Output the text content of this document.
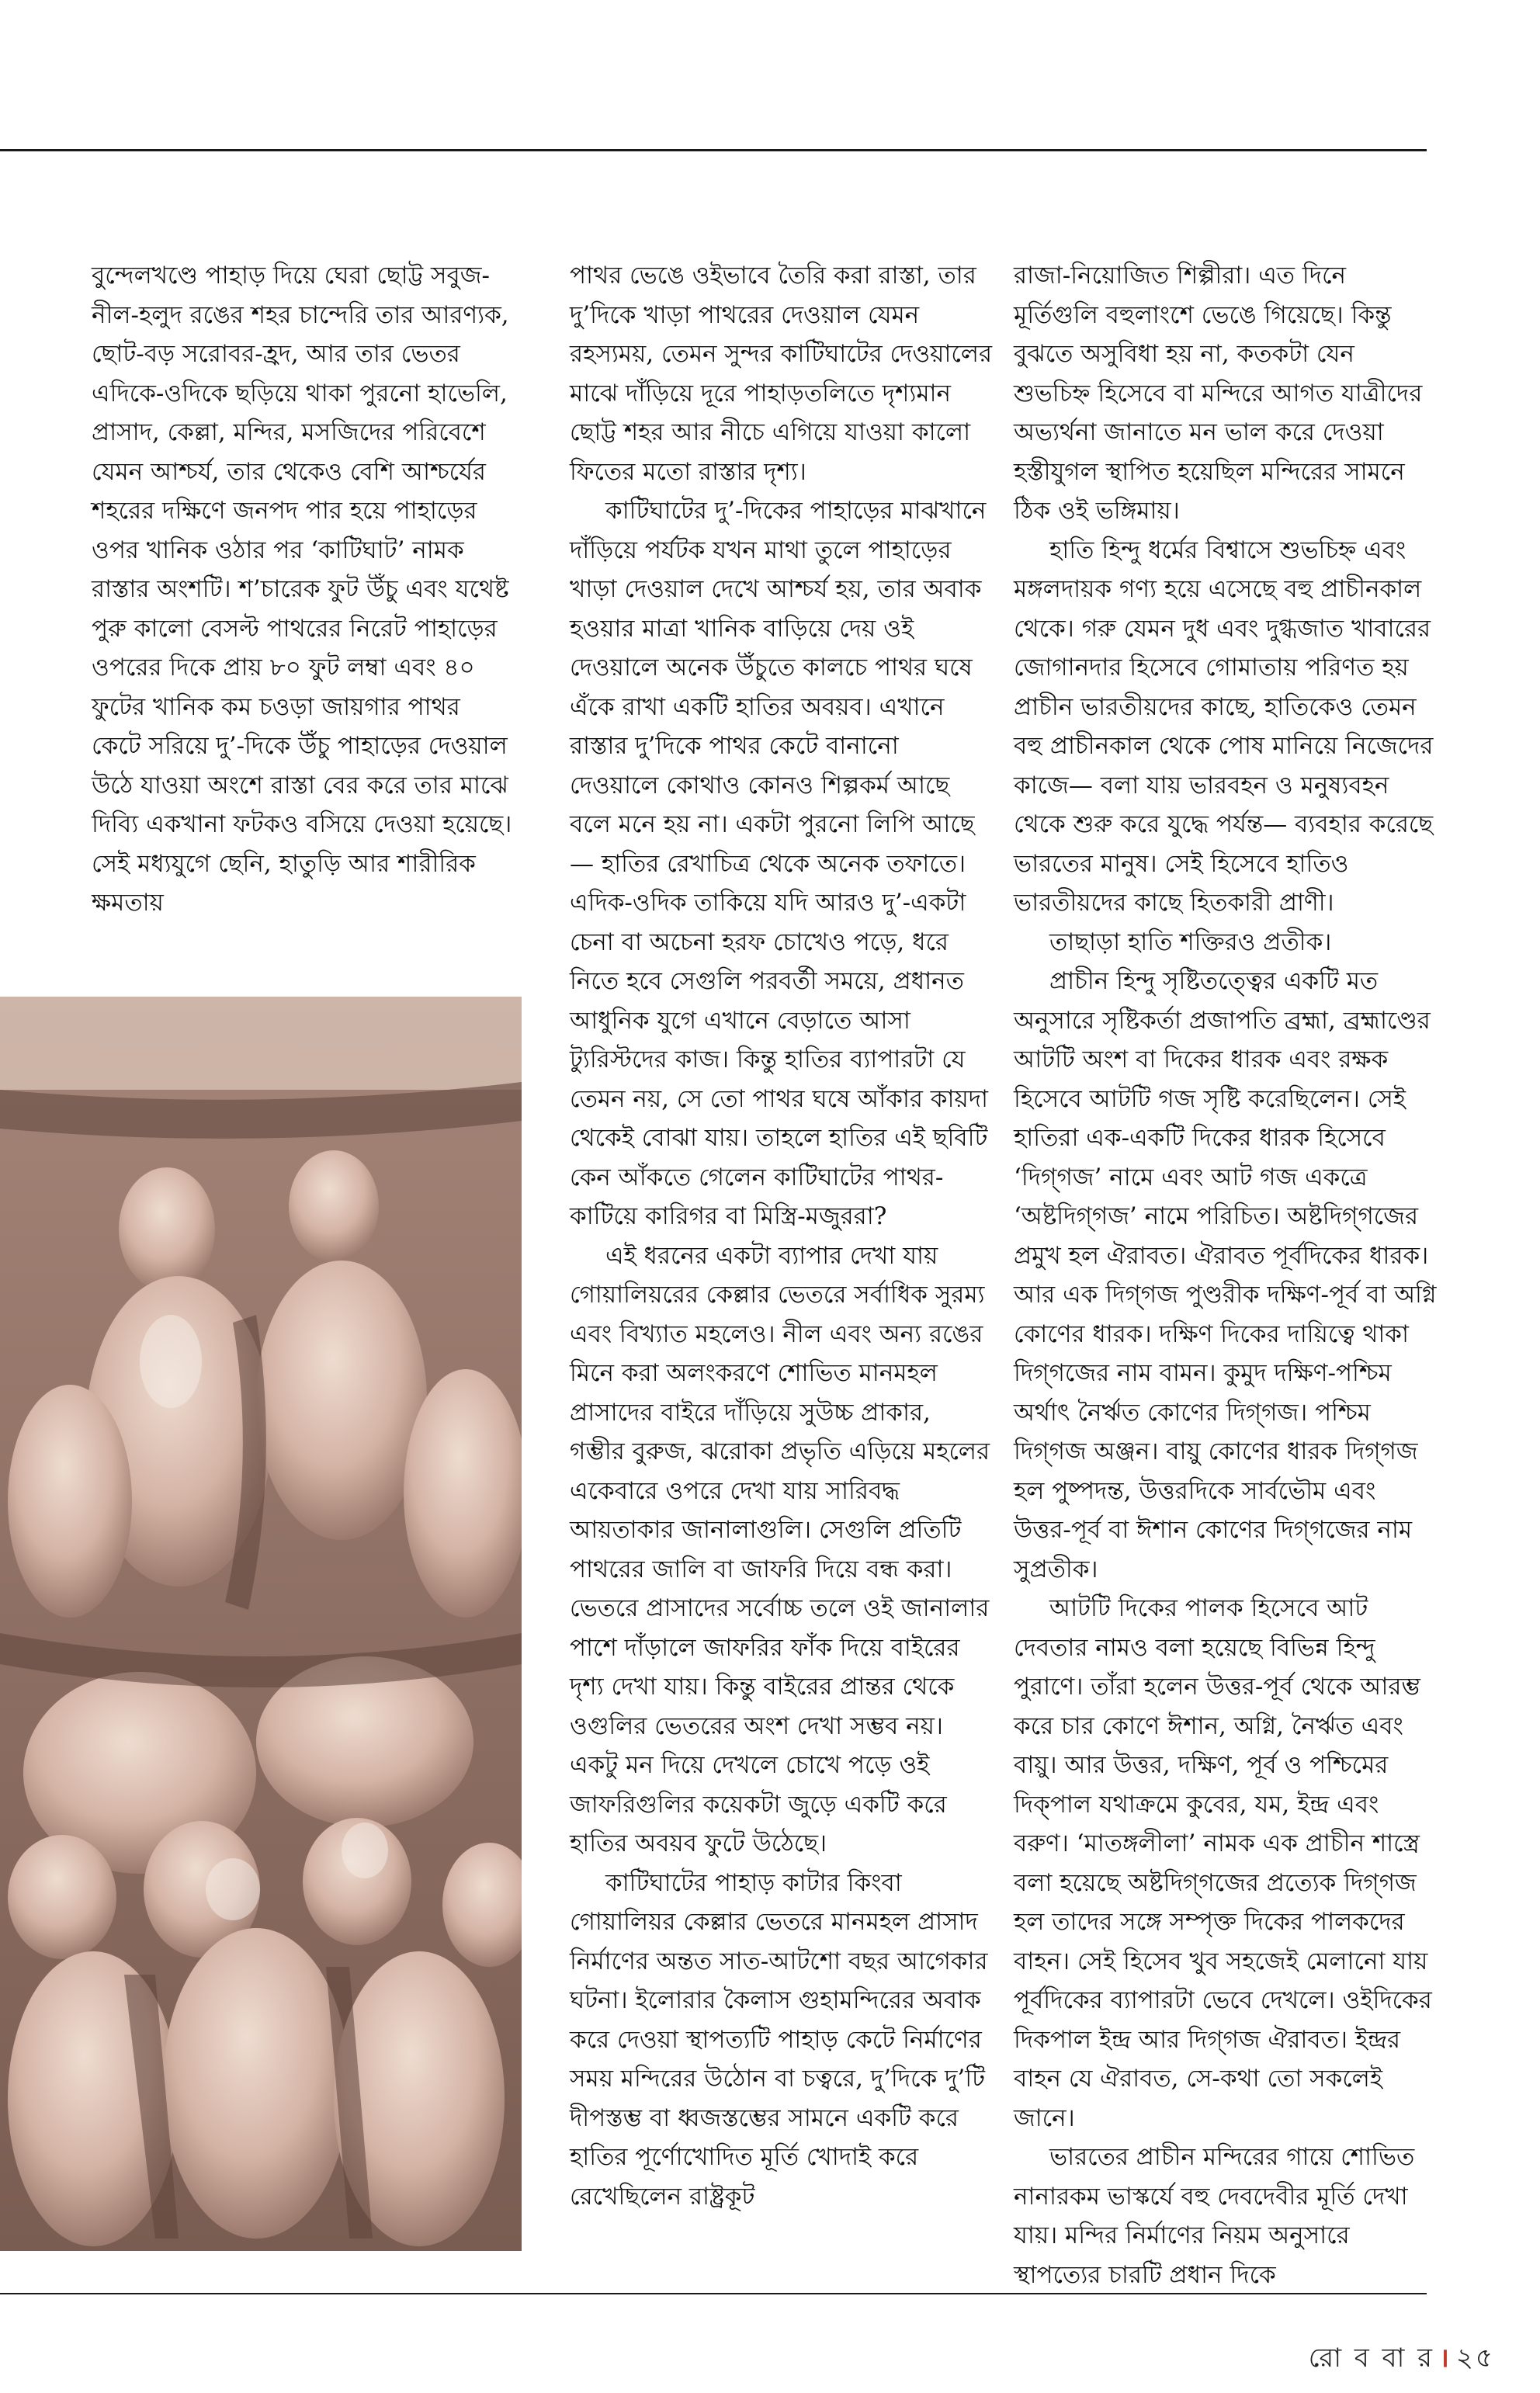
বুন্দেলখণ্ডে পাহাড় দিয়ে ঘেরা ছোট্ট সবুজ-নীল-হলুদ রঙের শহর চান্দেরি তার আরণ্যক, ছোট-বড় সরোবর-হ্রদ, আর তার ভেতর এদিকে-ওদিকে ছড়িয়ে থাকা পুরনো হাভেলি, প্রাসাদ, কেল্লা, মন্দির, মসজিদের পরিবেশে যেমন আশ্চর্য, তার থেকেও বেশি আশ্চর্যের শহরের দক্ষিণে জনপদ পার হয়ে পাহাড়ের ওপর খানিক ওঠার পর ‘কাটিঘাট’ নামক রাস্তার অংশটি। শ’চারেক ফুট উঁচু এবং যথেষ্ট পুরু কালো বেসল্ট পাথরের নিরেট পাহাড়ের ওপরের দিকে প্রায় ৮০ ফুট লম্বা এবং ৪০ ফুটের খানিক কম চওড়া জায়গার পাথর কেটে সরিয়ে দু’-দিকে উঁচু পাহাড়ের দেওয়াল উঠে যাওয়া অংশে রাস্তা বের করে তার মাঝে দিব্যি একখানা ফটকও বসিয়ে দেওয়া হয়েছে। সেই মধ্যযুগে ছেনি, হাতুড়ি আর শারীরিক ক্ষমতায়

পাথর ভেঙে ওইভাবে তৈরি করা রাস্তা, তার দু’দিকে খাড়া পাথরের দেওয়াল যেমন রহস্যময়, তেমন সুন্দর কাটিঘাটের দেওয়ালের মাঝে দাঁড়িয়ে দূরে পাহাড়তলিতে দৃশ্যমান ছোট্ট শহর আর নীচে এগিয়ে যাওয়া কালো ফিতের মতো রাস্তার দৃশ্য।

কাটিঘাটের দু’-দিকের পাহাড়ের মাঝখানে দাঁড়িয়ে পর্যটক যখন মাথা তুলে পাহাড়ের খাড়া দেওয়াল দেখে আশ্চর্য হয়, তার অবাক হওয়ার মাত্রা খানিক বাড়িয়ে দেয় ওই দেওয়ালে অনেক উঁচুতে কালচে পাথর ঘষে এঁকে রাখা একটি হাতির অবয়ব। এখানে রাস্তার দু’দিকে পাথর কেটে বানানো দেওয়ালে কোথাও কোনও শিল্পকর্ম আছে বলে মনে হয় না। একটা পুরনো লিপি আছে— হাতির রেখাচিত্র থেকে অনেক তফাতে। এদিক-ওদিক তাকিয়ে যদি আরও দু’-একটা চেনা বা অচেনা হরফ চোখেও পড়ে, ধরে নিতে হবে সেগুলি পরবর্তী সময়ে, প্রধানত আধুনিক যুগে এখানে বেড়াতে আসা ট্যুরিস্টদের কাজ। কিন্তু হাতির ব্যাপারটা যে তেমন নয়, সে তো পাথর ঘষে আঁকার কায়দা থেকেই বোঝা যায়। তাহলে হাতির এই ছবিটি কেন আঁকতে গেলেন কাটিঘাটের পাথর-কাটিয়ে কারিগর বা মিস্ত্রি-মজুররা?

এই ধরনের একটা ব্যাপার দেখা যায় গোয়ালিয়রের কেল্লার ভেতরে সর্বাধিক সুরম্য এবং বিখ্যাত মহলেও। নীল এবং অন্য রঙের মিনে করা অলংকরণে শোভিত মানমহল প্রাসাদের বাইরে দাঁড়িয়ে সুউচ্চ প্রাকার, গম্ভীর বুরুজ, ঝরোকা প্রভৃতি এড়িয়ে মহলের একেবারে ওপরে দেখা যায় সারিবদ্ধ আয়তাকার জানালাগুলি। সেগুলি প্রতিটি পাথরের জালি বা জাফরি দিয়ে বন্ধ করা। ভেতরে প্রাসাদের সর্বোচ্চ তলে ওই জানালার পাশে দাঁড়ালে জাফরির ফাঁক দিয়ে বাইরের দৃশ্য দেখা যায়। কিন্তু বাইরের প্রান্তর থেকে ওগুলির ভেতরের অংশ দেখা সম্ভব নয়। একটু মন দিয়ে দেখলে চোখে পড়ে ওই জাফরিগুলির কয়েকটা জুড়ে একটি করে হাতির অবয়ব ফুটে উঠেছে।

কাটিঘাটের পাহাড় কাটার কিংবা গোয়ালিয়র কেল্লার ভেতরে মানমহল প্রাসাদ নির্মাণের অন্তত সাত-আটশো বছর আগেকার ঘটনা। ইলোরার কৈলাস গুহামন্দিরের অবাক করে দেওয়া স্থাপত্যটি পাহাড় কেটে নির্মাণের সময় মন্দিরের উঠোন বা চত্বরে, দু’দিকে দু’টি দীপস্তম্ভ বা ধ্বজস্তম্ভের সামনে একটি করে হাতির পূর্ণোখোদিত মূর্তি খোদাই করে রেখেছিলেন রাষ্ট্রকূট

রাজা-নিয়োজিত শিল্পীরা। এত দিনে মূর্তিগুলি বহুলাংশে ভেঙে গিয়েছে। কিন্তু বুঝতে অসুবিধা হয় না, কতকটা যেন শুভচিহ্ন হিসেবে বা মন্দিরে আগত যাত্রীদের অভ্যর্থনা জানাতে মন ভাল করে দেওয়া হস্তীযুগল স্থাপিত হয়েছিল মন্দিরের সামনে ঠিক ওই ভঙ্গিমায়।

হাতি হিন্দু ধর্মের বিশ্বাসে শুভচিহ্ন এবং মঙ্গলদায়ক গণ্য হয়ে এসেছে বহু প্রাচীনকাল থেকে। গরু যেমন দুধ এবং দুগ্ধজাত খাবারের জোগানদার হিসেবে গোমাতায় পরিণত হয় প্রাচীন ভারতীয়দের কাছে, হাতিকেও তেমন বহু প্রাচীনকাল থেকে পোষ মানিয়ে নিজেদের কাজে— বলা যায় ভারবহন ও মনুষ্যবহন থেকে শুরু করে যুদ্ধে পর্যন্ত— ব্যবহার করেছে ভারতের মানুষ। সেই হিসেবে হাতিও ভারতীয়দের কাছে হিতকারী প্রাণী।

তাছাড়া হাতি শক্তিরও প্রতীক।

প্রাচীন হিন্দু সৃষ্টিতত্ত্বের একটি মত অনুসারে সৃষ্টিকর্তা প্রজাপতি ব্রহ্মা, ব্রহ্মাণ্ডের আটটি অংশ বা দিকের ধারক এবং রক্ষক হিসেবে আটটি গজ সৃষ্টি করেছিলেন। সেই হাতিরা এক-একটি দিকের ধারক হিসেবে ‘দিগ্‌গজ’ নামে এবং আট গজ একত্রে ‘অষ্টদিগ্‌গজ’ নামে পরিচিত। অষ্টদিগ্‌গজের প্রমুখ হল ঐরাবত। ঐরাবত পূর্বদিকের ধারক। আর এক দিগ্‌গজ পুণ্ডরীক দক্ষিণ-পূর্ব বা অগ্নি কোণের ধারক। দক্ষিণ দিকের দায়িত্বে থাকা দিগ্‌গজের নাম বামন। কুমুদ দক্ষিণ-পশ্চিম অর্থাৎ নৈর্ঋত কোণের দিগ্‌গজ। পশ্চিম দিগ্‌গজ অঞ্জন। বায়ু কোণের ধারক দিগ্‌গজ হল পুষ্পদন্ত, উত্তরদিকে সার্বভৌম এবং উত্তর-পূর্ব বা ঈশান কোণের দিগ্‌গজের নাম সুপ্রতীক।

আটটি দিকের পালক হিসেবে আট দেবতার নামও বলা হয়েছে বিভিন্ন হিন্দু পুরাণে। তাঁরা হলেন উত্তর-পূর্ব থেকে আরম্ভ করে চার কোণে ঈশান, অগ্নি, নৈর্ঋত এবং বায়ু। আর উত্তর, দক্ষিণ, পূর্ব ও পশ্চিমের দিক্‌পাল যথাক্রমে কুবের, যম, ইন্দ্র এবং বরুণ। ‘মাতঙ্গলীলা’ নামক এক প্রাচীন শাস্ত্রে বলা হয়েছে অষ্টদিগ্‌গজের প্রত্যেক দিগ্‌গজ হল তাদের সঙ্গে সম্পৃক্ত দিকের পালকদের বাহন। সেই হিসেব খুব সহজেই মেলানো যায় পূর্বদিকের ব্যাপারটা ভেবে দেখলে। ওইদিকের দিকপাল ইন্দ্র আর দিগ্‌গজ ঐরাবত। ইন্দ্রর বাহন যে ঐরাবত, সে-কথা তো সকলেই জানে।

ভারতের প্রাচীন মন্দিরের গায়ে শোভিত নানারকম ভাস্কর্যে বহু দেবদেবীর মূর্তি দেখা যায়। মন্দির নির্মাণের নিয়ম অনুসারে স্থাপত্যের চারটি প্রধান দিকে

রো ব বা র । ২৫
